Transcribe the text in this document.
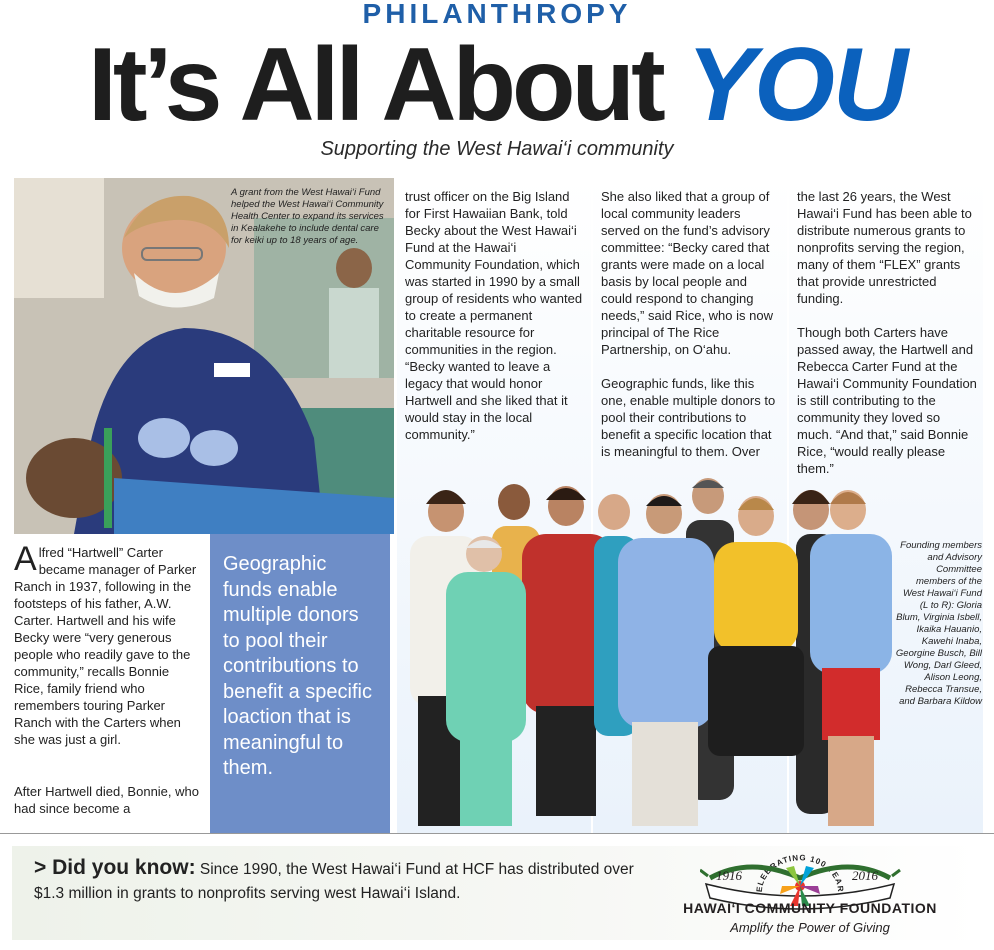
PHILANTHROPY
It’s All About YOU
Supporting the West Hawai‘i community
A grant from the West Hawai‘i Fund helped the West Hawai‘i Community Health Center to expand its services in Kealakehe to include dental care for keiki up to 18 years of age.
Alfred “Hartwell” Carter became manager of Parker Ranch in 1937, following in the footsteps of his father, A.W. Carter. Hartwell and his wife Becky were “very generous people who readily gave to the community,” recalls Bonnie Rice, family friend who remembers touring Parker Ranch with the Carters when she was just a girl.
After Hartwell died, Bonnie, who had since become a
Geographic funds enable multiple donors to pool their contributions to benefit a specific loaction that is meaningful to them.
trust officer on the Big Island for First Hawaiian Bank, told Becky about the West Hawai‘i Fund at the Hawai‘i Community Foundation, which was started in 1990 by a small group of residents who wanted to create a permanent charitable resource for communities in the region. “Becky wanted to leave a legacy that would honor Hartwell and she liked that it would stay in the local community.”
She also liked that a group of local community leaders served on the fund’s advisory committee: “Becky cared that grants were made on a local basis by local people and could respond to changing needs,” said Rice, who is now principal of The Rice Partnership, on O‘ahu.
Geographic funds, like this one, enable multiple donors to pool their contributions to benefit a specific location that is meaningful to them. Over
the last 26 years, the West Hawai‘i Fund has been able to distribute numerous grants to nonprofits serving the region, many of them “FLEX” grants that provide unrestricted funding.
Though both Carters have passed away, the Hartwell and Rebecca Carter Fund at the Hawai‘i Community Foundation is still contributing to the community they loved so much. “And that,” said Bonnie Rice, “would really please them.”
Founding members and Advisory Committee members of the West Hawai‘i Fund (L to R): Gloria Blum, Virginia Isbell, Ikaika Hauanio, Kawehi Inaba, Georgine Busch, Bill Wong, Darl Gleed, Alison Leong, Rebecca Transue, and Barbara Kildow
> Did you know: Since 1990, the West Hawai‘i Fund at HCF has distributed over $1.3 million in grants to nonprofits serving west Hawai‘i Island.	ELEBRATING 100 YEAR
1916	2016
HAWAI‘I COMMUNITY FOUNDATION
Amplify the Power of Giving
